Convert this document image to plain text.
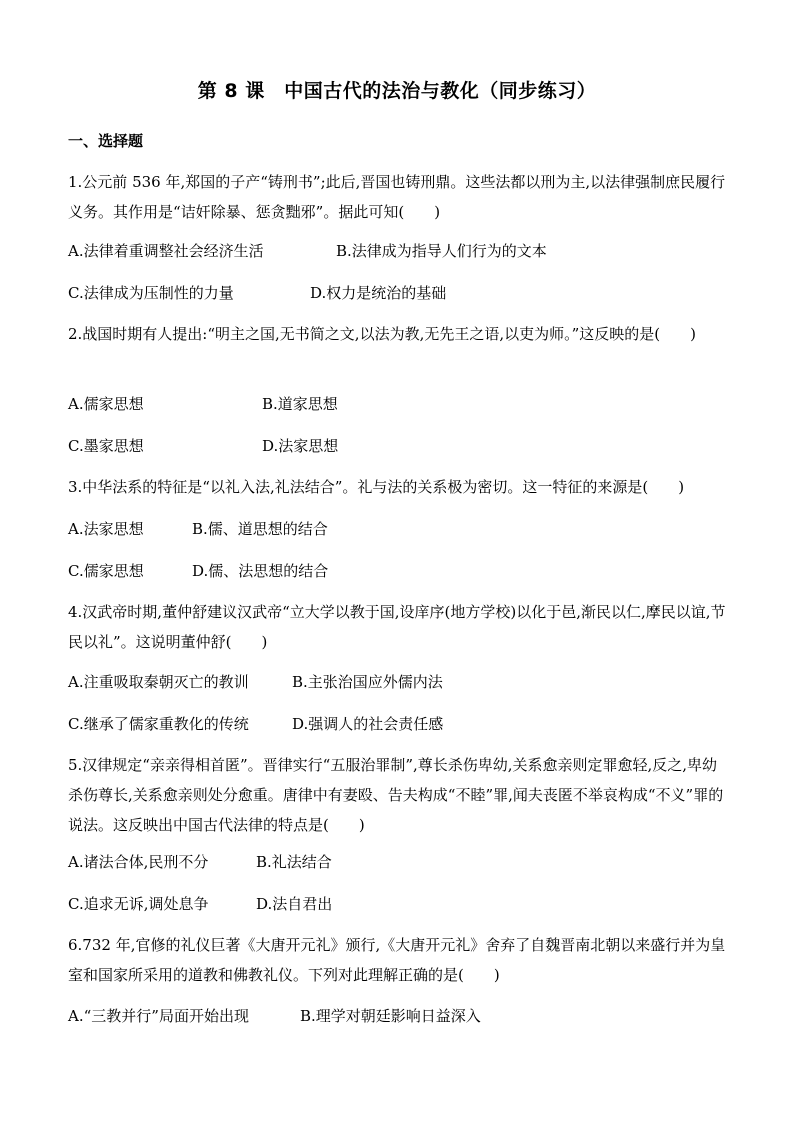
第 8 课　中国古代的法治与教化（同步练习）
一、选择题

1.公元前 536 年,郑国的子产“铸刑书”;此后,晋国也铸刑鼎。这些法都以刑为主,以法律强制庶民履行义务。其作用是“诘奸除暴、惩贪黜邪”。据此可知(　　)

A.法律着重调整社会经济生活	B.法律成为指导人们行为的文本
C.法律成为压制性的力量	D.权力是统治的基础

2.战国时期有人提出:“明主之国,无书简之文,以法为教,无先王之语,以吏为师。”这反映的是(　　)

A.儒家思想	B.道家思想
C.墨家思想	D.法家思想

3.中华法系的特征是“以礼入法,礼法结合”。礼与法的关系极为密切。这一特征的来源是(　　)

A.法家思想	B.儒、道思想的结合
C.儒家思想	D.儒、法思想的结合

4.汉武帝时期,董仲舒建议汉武帝“立大学以教于国,设庠序(地方学校)以化于邑,渐民以仁,摩民以谊,节民以礼”。这说明董仲舒(　　)

A.注重吸取秦朝灭亡的教训	B.主张治国应外儒内法
C.继承了儒家重教化的传统	D.强调人的社会责任感

5.汉律规定“亲亲得相首匿”。晋律实行“五服治罪制”,尊长杀伤卑幼,关系愈亲则定罪愈轻,反之,卑幼杀伤尊长,关系愈亲则处分愈重。唐律中有妻殴、告夫构成“不睦”罪,闻夫丧匿不举哀构成“不义”罪的说法。这反映出中国古代法律的特点是(　　)

A.诸法合体,民刑不分	B.礼法结合
C.追求无诉,调处息争	D.法自君出

6.732 年,官修的礼仪巨著《大唐开元礼》颁行,《大唐开元礼》舍弃了自魏晋南北朝以来盛行并为皇室和国家所采用的道教和佛教礼仪。下列对此理解正确的是(　　)

A.“三教并行”局面开始出现	B.理学对朝廷影响日益深入
